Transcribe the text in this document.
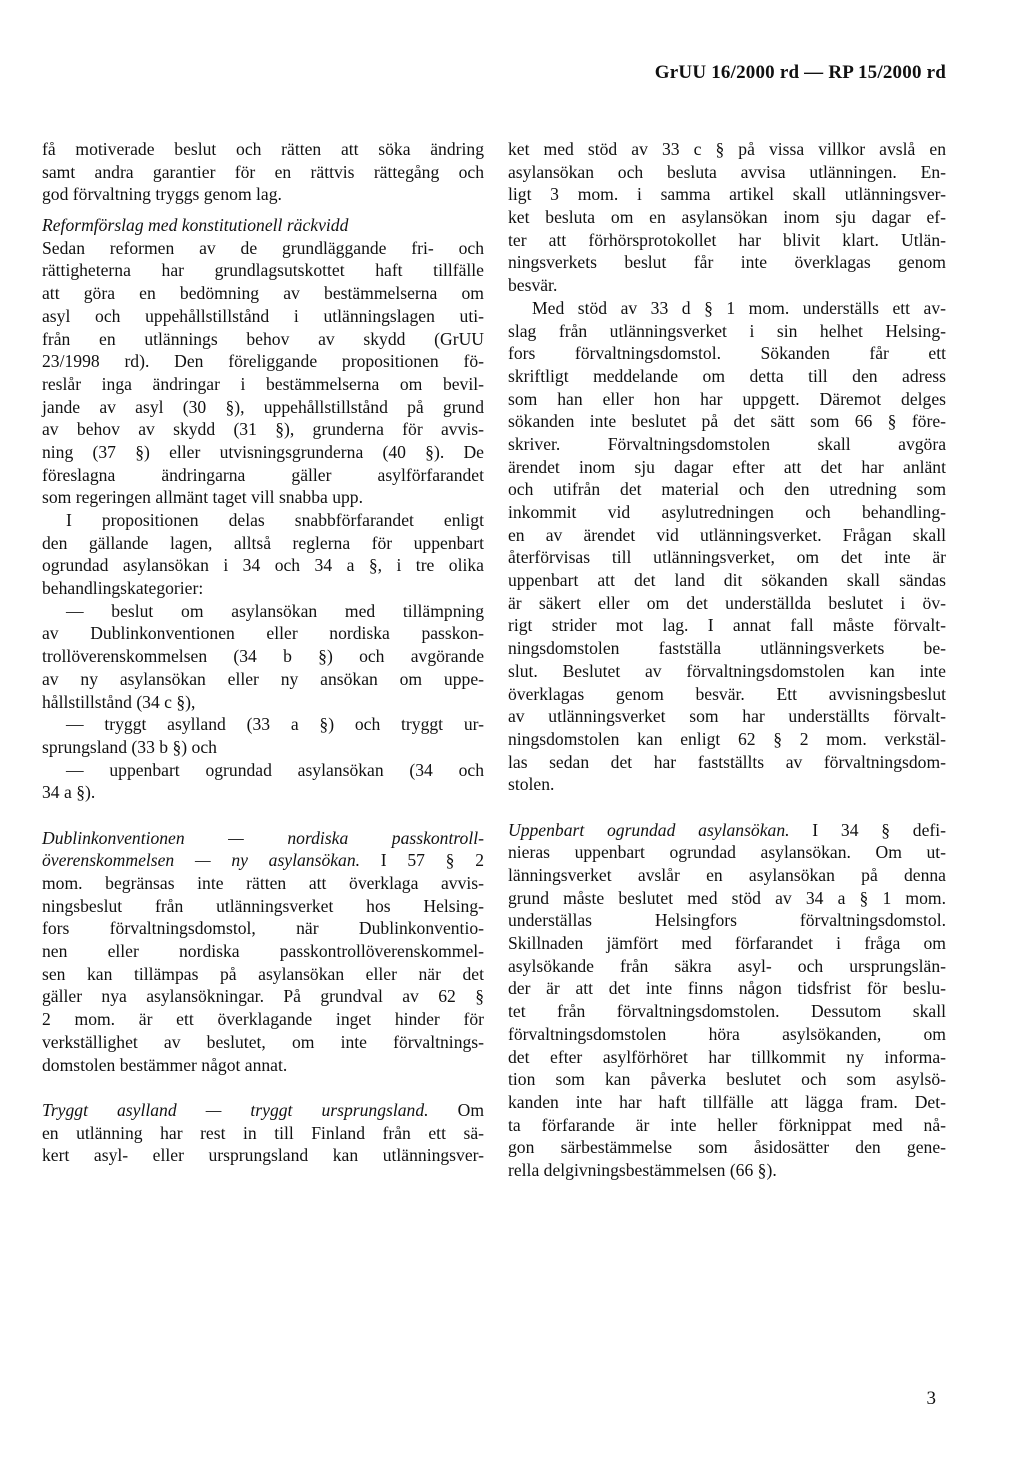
GrUU 16/2000 rd — RP 15/2000 rd
få motiverade beslut och rätten att söka ändring
samt andra garantier för en rättvis rättegång och
god förvaltning tryggs genom lag.
Reformförslag med konstitutionell räckvidd
Sedan reformen av de grundläggande fri- och
rättigheterna har grundlagsutskottet haft tillfälle
att göra en bedömning av bestämmelserna om
asyl och uppehållstillstånd i utlänningslagen uti-
från en utlännings behov av skydd (GrUU
23/1998 rd). Den föreliggande propositionen fö-
reslår inga ändringar i bestämmelserna om bevil-
jande av asyl (30 §), uppehållstillstånd på grund
av behov av skydd (31 §), grunderna för avvis-
ning (37 §) eller utvisningsgrunderna (40 §). De
föreslagna ändringarna gäller asylförfarandet
som regeringen allmänt taget vill snabba upp.
I propositionen delas snabbförfarandet enligt
den gällande lagen, alltså reglerna för uppenbart
ogrundad asylansökan i 34 och 34 a §, i tre olika
behandlingskategorier:
— beslut om asylansökan med tillämpning
av Dublinkonventionen eller nordiska passkon-
trollöverenskommelsen (34 b §) och avgörande
av ny asylansökan eller ny ansökan om uppe-
hållstillstånd (34 c §),
— tryggt asylland (33 a §) och tryggt ur-
sprungsland (33 b §) och
— uppenbart ogrundad asylansökan (34 och
34 a §).
Dublinkonventionen — nordiska passkontroll-
överenskommelsen — ny asylansökan. I 57 § 2
mom. begränsas inte rätten att överklaga avvis-
ningsbeslut från utlänningsverket hos Helsing-
fors förvaltningsdomstol, när Dublinkonventio-
nen eller nordiska passkontrollöverenskommel-
sen kan tillämpas på asylansökan eller när det
gäller nya asylansökningar. På grundval av 62 §
2 mom. är ett överklagande inget hinder för
verkställighet av beslutet, om inte förvaltnings-
domstolen bestämmer något annat.
Tryggt asylland — tryggt ursprungsland. Om
en utlänning har rest in till Finland från ett sä-
kert asyl- eller ursprungsland kan utlänningsver-
ket med stöd av 33 c § på vissa villkor avslå en
asylansökan och besluta avvisa utlänningen. En-
ligt 3 mom. i samma artikel skall utlänningsver-
ket besluta om en asylansökan inom sju dagar ef-
ter att förhörsprotokollet har blivit klart. Utlän-
ningsverkets beslut får inte överklagas genom
besvär.
Med stöd av 33 d § 1 mom. underställs ett av-
slag från utlänningsverket i sin helhet Helsing-
fors förvaltningsdomstol. Sökanden får ett
skriftligt meddelande om detta till den adress
som han eller hon har uppgett. Däremot delges
sökanden inte beslutet på det sätt som 66 § före-
skriver. Förvaltningsdomstolen skall avgöra
ärendet inom sju dagar efter att det har anlänt
och utifrån det material och den utredning som
inkommit vid asylutredningen och behandling-
en av ärendet vid utlänningsverket. Frågan skall
återförvisas till utlänningsverket, om det inte är
uppenbart att det land dit sökanden skall sändas
är säkert eller om det underställda beslutet i öv-
rigt strider mot lag. I annat fall måste förvalt-
ningsdomstolen fastställa utlänningsverkets be-
slut. Beslutet av förvaltningsdomstolen kan inte
överklagas genom besvär. Ett avvisningsbeslut
av utlänningsverket som har underställts förvalt-
ningsdomstolen kan enligt 62 § 2 mom. verkstäl-
las sedan det har fastställts av förvaltningsdom-
stolen.
Uppenbart ogrundad asylansökan. I 34 § defi-
nieras uppenbart ogrundad asylansökan. Om ut-
länningsverket avslår en asylansökan på denna
grund måste beslutet med stöd av 34 a § 1 mom.
underställas Helsingfors förvaltningsdomstol.
Skillnaden jämfört med förfarandet i fråga om
asylsökande från säkra asyl- och ursprungslän-
der är att det inte finns någon tidsfrist för beslu-
tet från förvaltningsdomstolen. Dessutom skall
förvaltningsdomstolen höra asylsökanden, om
det efter asylförhöret har tillkommit ny informa-
tion som kan påverka beslutet och som asylsö-
kanden inte har haft tillfälle att lägga fram. Det-
ta förfarande är inte heller förknippat med nå-
gon särbestämmelse som åsidosätter den gene-
rella delgivningsbestämmelsen (66 §).
3
